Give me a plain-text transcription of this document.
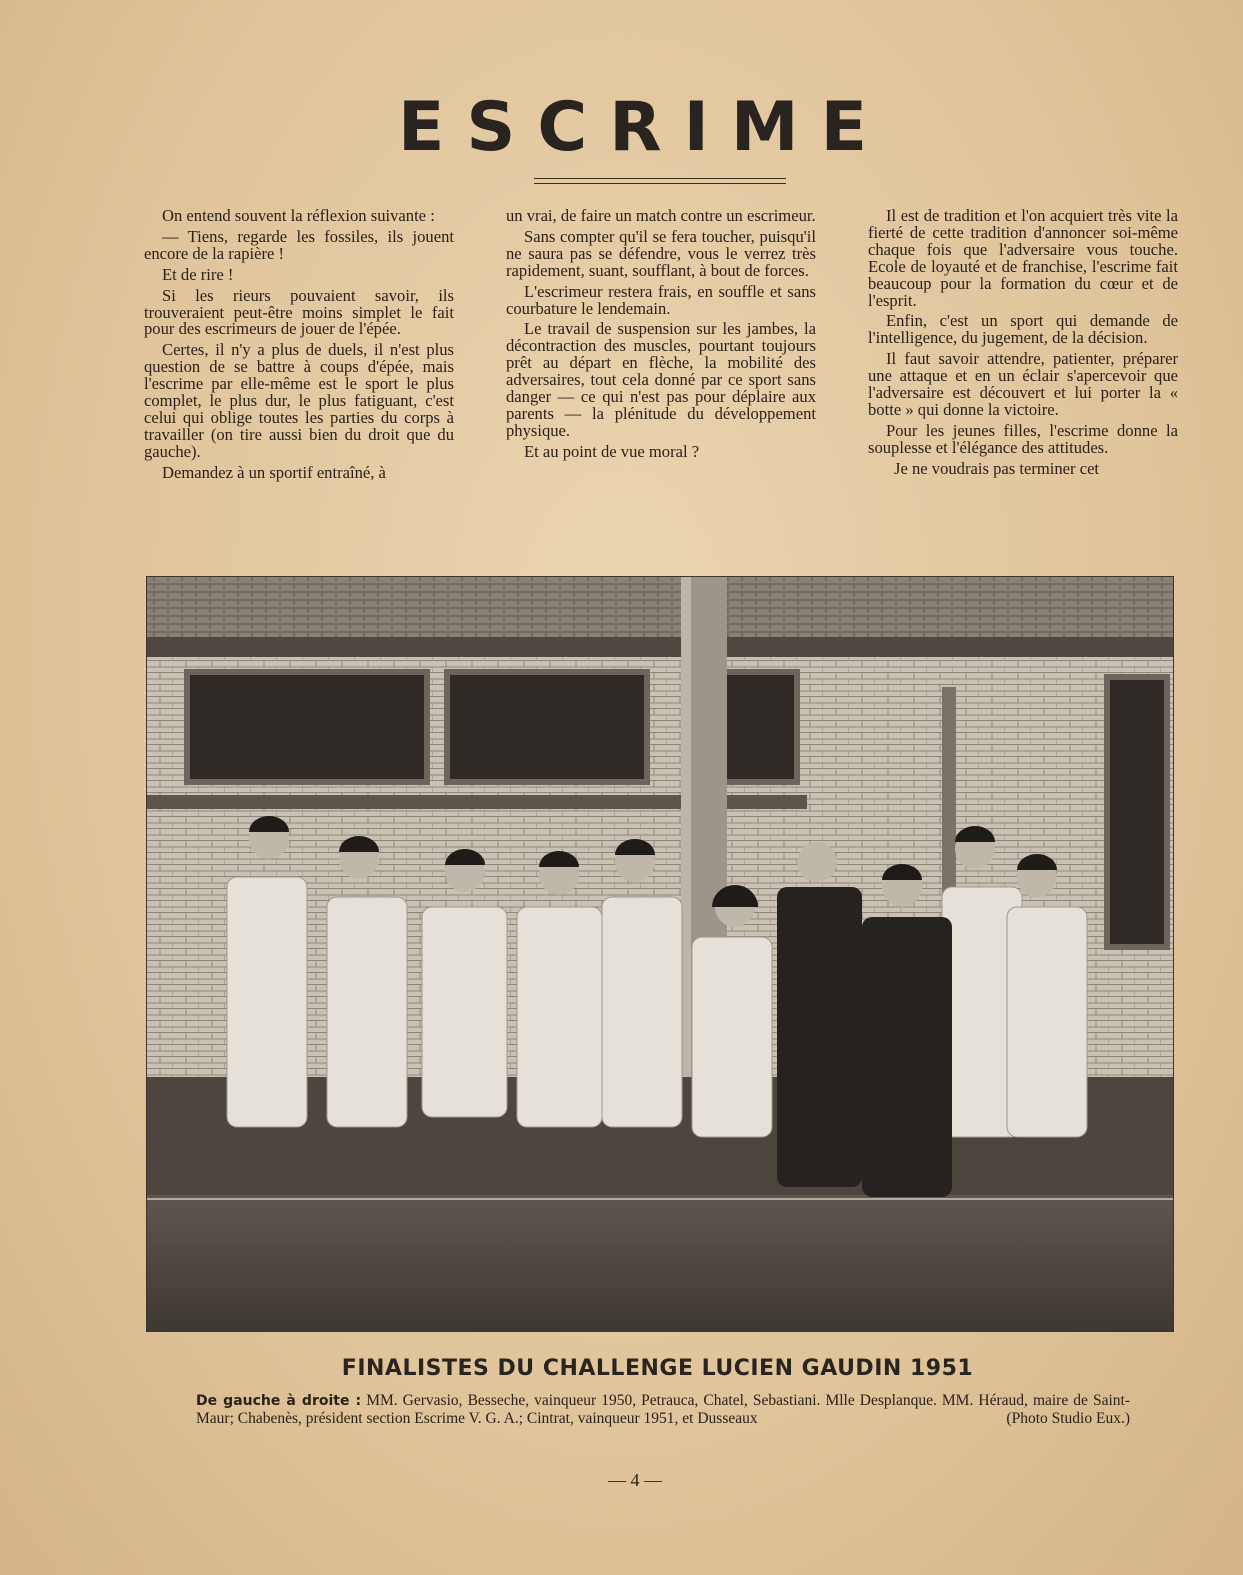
ESCRIME

On entend souvent la réflexion suivante :

— Tiens, regarde les fossiles, ils jouent encore de la rapière !

Et de rire !

Si les rieurs pouvaient savoir, ils trouveraient peut-être moins simplet le fait pour des escrimeurs de jouer de l'épée.

Certes, il n'y a plus de duels, il n'est plus question de se battre à coups d'épée, mais l'escrime par elle-même est le sport le plus complet, le plus dur, le plus fatiguant, c'est celui qui oblige toutes les parties du corps à travailler (on tire aussi bien du droit que du gauche).

Demandez à un sportif entraîné, à

un vrai, de faire un match contre un escrimeur.

Sans compter qu'il se fera toucher, puisqu'il ne saura pas se défendre, vous le verrez très rapidement, suant, soufflant, à bout de forces.

L'escrimeur restera frais, en souffle et sans courbature le lendemain.

Le travail de suspension sur les jambes, la décontraction des muscles, pourtant toujours prêt au départ en flèche, la mobilité des adversaires, tout cela donné par ce sport sans danger — ce qui n'est pas pour déplaire aux parents — la plénitude du développement physique.

Et au point de vue moral ?

Il est de tradition et l'on acquiert très vite la fierté de cette tradition d'annoncer soi-même chaque fois que l'adversaire vous touche. Ecole de loyauté et de franchise, l'escrime fait beaucoup pour la formation du cœur et de l'esprit.

Enfin, c'est un sport qui demande de l'intelligence, du jugement, de la décision.

Il faut savoir attendre, patienter, préparer une attaque et en un éclair s'apercevoir que l'adversaire est découvert et lui porter la « botte » qui donne la victoire.

Pour les jeunes filles, l'escrime donne la souplesse et l'élégance des attitudes.

Je ne voudrais pas terminer cet

FINALISTES DU CHALLENGE LUCIEN GAUDIN 1951
De gauche à droite : MM. Gervasio, Besseche, vainqueur 1950, Petrauca, Chatel, Sebastiani. Mlle Desplanque. MM. Héraud, maire de Saint-Maur; Chabenès, président section Escrime V. G. A.; Cintrat, vainqueur 1951, et Dusseaux	(Photo Studio Eux.)
— 4 —
